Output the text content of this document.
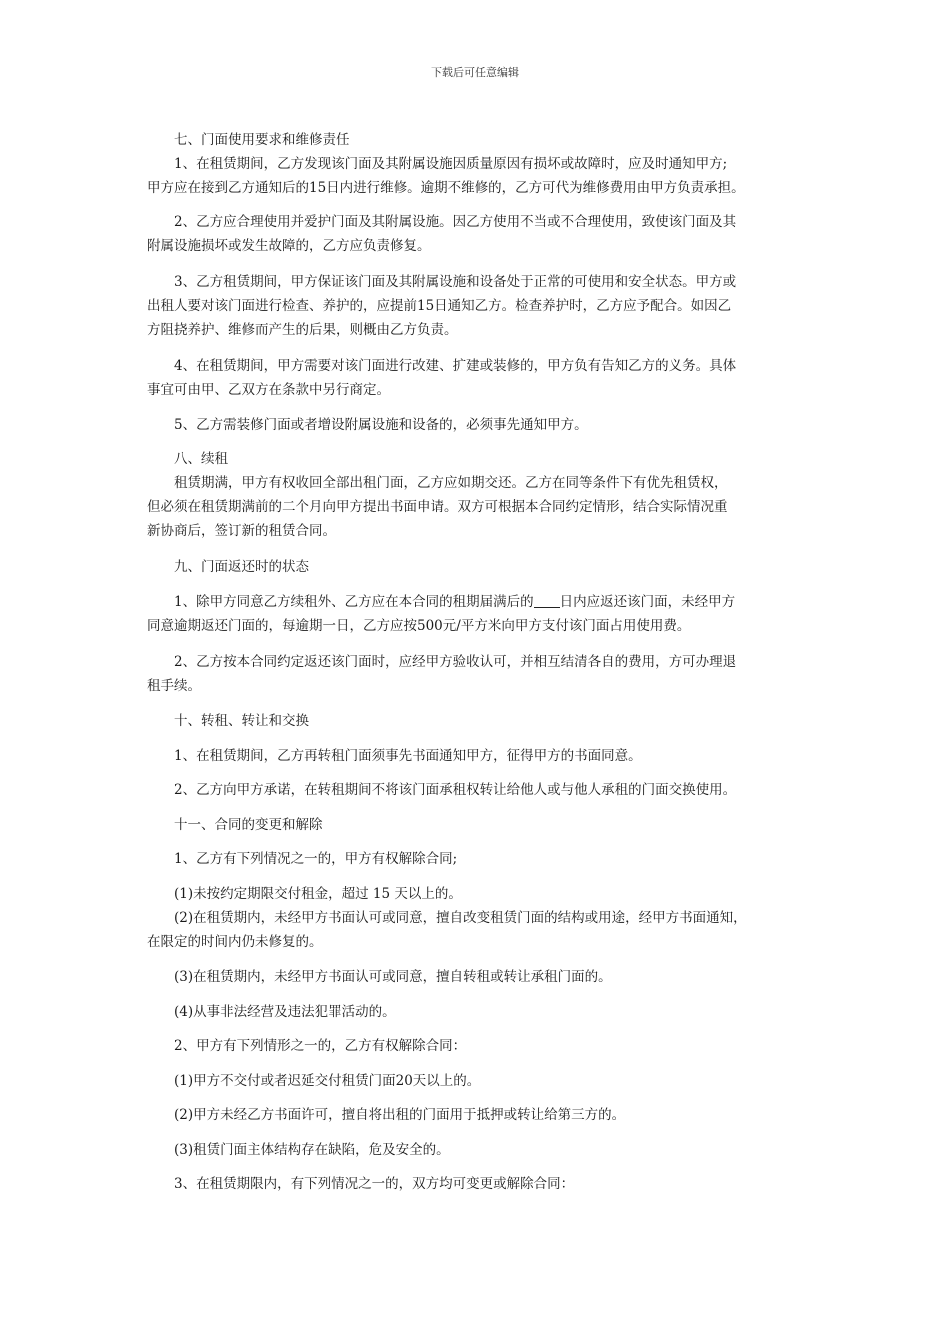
下载后可任意编辑
七、门面使用要求和维修责任
1、在租赁期间，乙方发现该门面及其附属设施因质量原因有损坏或故障时，应及时通知甲方;
甲方应在接到乙方通知后的15日内进行维修。逾期不维修的，乙方可代为维修费用由甲方负责承担。
2、乙方应合理使用并爱护门面及其附属设施。因乙方使用不当或不合理使用，致使该门面及其
附属设施损坏或发生故障的，乙方应负责修复。
3、乙方租赁期间，甲方保证该门面及其附属设施和设备处于正常的可使用和安全状态。甲方或
出租人要对该门面进行检查、养护的，应提前15日通知乙方。检查养护时，乙方应予配合。如因乙
方阻挠养护、维修而产生的后果，则概由乙方负责。
4、在租赁期间，甲方需要对该门面进行改建、扩建或装修的，甲方负有告知乙方的义务。具体
事宜可由甲、乙双方在条款中另行商定。
5、乙方需装修门面或者增设附属设施和设备的，必须事先通知甲方。
八、续租
租赁期满，甲方有权收回全部出租门面，乙方应如期交还。乙方在同等条件下有优先租赁权，
但必须在租赁期满前的二个月向甲方提出书面申请。双方可根据本合同约定情形，结合实际情况重
新协商后，签订新的租赁合同。
九、门面返还时的状态
1、除甲方同意乙方续租外、乙方应在本合同的租期届满后的 日内应返还该门面，未经甲方
同意逾期返还门面的，每逾期一日，乙方应按500元/平方米向甲方支付该门面占用使用费。
2、乙方按本合同约定返还该门面时，应经甲方验收认可，并相互结清各自的费用，方可办理退
租手续。
十、转租、转让和交换
1、在租赁期间，乙方再转租门面须事先书面通知甲方，征得甲方的书面同意。
2、乙方向甲方承诺，在转租期间不将该门面承租权转让给他人或与他人承租的门面交换使用。
十一、合同的变更和解除
1、乙方有下列情况之一的，甲方有权解除合同;
(1)未按约定期限交付租金，超过 15 天以上的。
(2)在租赁期内，未经甲方书面认可或同意，擅自改变租赁门面的结构或用途，经甲方书面通知，
在限定的时间内仍未修复的。
(3)在租赁期内，未经甲方书面认可或同意，擅自转租或转让承租门面的。
(4)从事非法经营及违法犯罪活动的。
2、甲方有下列情形之一的，乙方有权解除合同：
(1)甲方不交付或者迟延交付租赁门面20天以上的。
(2)甲方未经乙方书面许可，擅自将出租的门面用于抵押或转让给第三方的。
(3)租赁门面主体结构存在缺陷，危及安全的。
3、在租赁期限内，有下列情况之一的，双方均可变更或解除合同：
